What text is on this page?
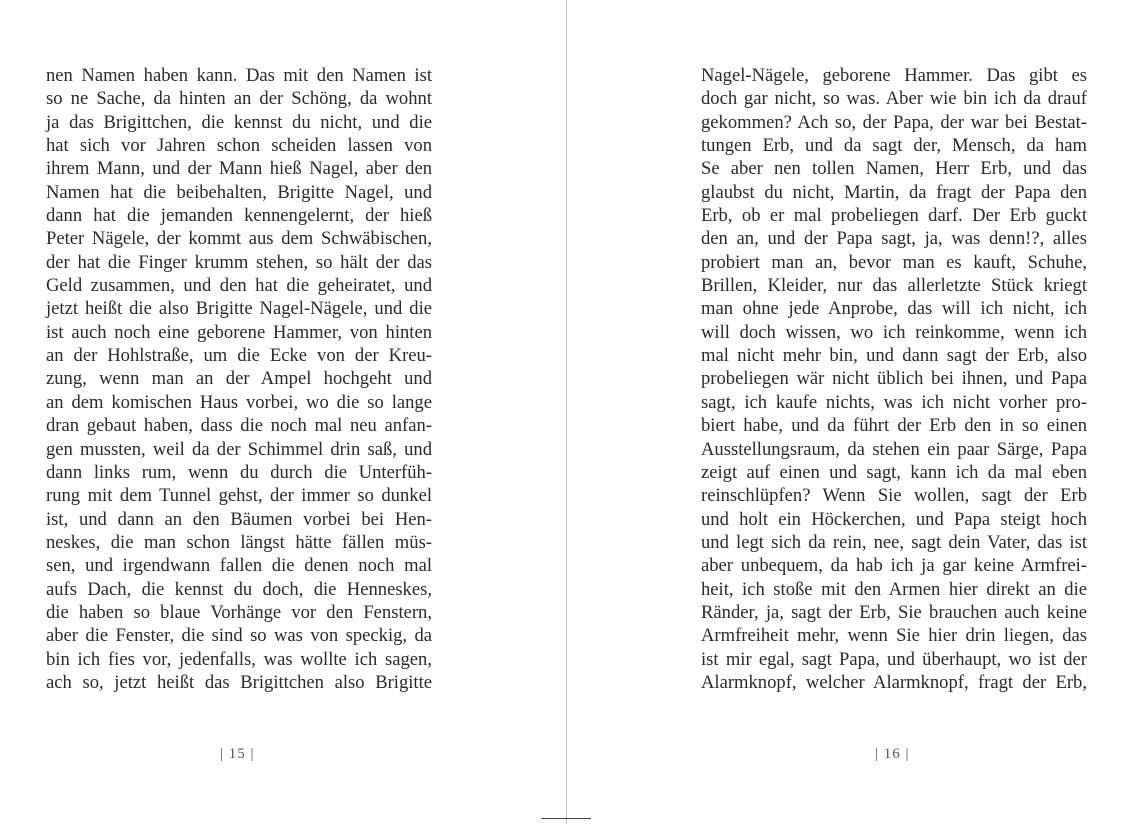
nen Namen haben kann. Das mit den Namen ist
so ne Sache, da hinten an der Schöng, da wohnt
ja das Brigittchen, die kennst du nicht, und die
hat sich vor Jahren schon scheiden lassen von
ihrem Mann, und der Mann hieß Nagel, aber den
Namen hat die beibehalten, Brigitte Nagel, und
dann hat die jemanden kennengelernt, der hieß
Peter Nägele, der kommt aus dem Schwäbischen,
der hat die Finger krumm stehen, so hält der das
Geld zusammen, und den hat die geheiratet, und
jetzt heißt die also Brigitte Nagel-Nägele, und die
ist auch noch eine geborene Hammer, von hinten
an der Hohlstraße, um die Ecke von der Kreu-
zung, wenn man an der Ampel hochgeht und
an dem komischen Haus vorbei, wo die so lange
dran gebaut haben, dass die noch mal neu anfan-
gen mussten, weil da der Schimmel drin saß, und
dann links rum, wenn du durch die Unterfüh-
rung mit dem Tunnel gehst, der immer so dunkel
ist, und dann an den Bäumen vorbei bei Hen-
neskes, die man schon längst hätte fällen müs-
sen, und irgendwann fallen die denen noch mal
aufs Dach, die kennst du doch, die Henneskes,
die haben so blaue Vorhänge vor den Fenstern,
aber die Fenster, die sind so was von speckig, da
bin ich fies vor, jedenfalls, was wollte ich sagen,
ach so, jetzt heißt das Brigittchen also Brigitte
| 15 |
Nagel-Nägele, geborene Hammer. Das gibt es
doch gar nicht, so was. Aber wie bin ich da drauf
gekommen? Ach so, der Papa, der war bei Bestat-
tungen Erb, und da sagt der, Mensch, da ham
Se aber nen tollen Namen, Herr Erb, und das
glaubst du nicht, Martin, da fragt der Papa den
Erb, ob er mal probeliegen darf. Der Erb guckt
den an, und der Papa sagt, ja, was denn!?, alles
probiert man an, bevor man es kauft, Schuhe,
Brillen, Kleider, nur das allerletzte Stück kriegt
man ohne jede Anprobe, das will ich nicht, ich
will doch wissen, wo ich reinkomme, wenn ich
mal nicht mehr bin, und dann sagt der Erb, also
probeliegen wär nicht üblich bei ihnen, und Papa
sagt, ich kaufe nichts, was ich nicht vorher pro-
biert habe, und da führt der Erb den in so einen
Ausstellungsraum, da stehen ein paar Särge, Papa
zeigt auf einen und sagt, kann ich da mal eben
reinschlüpfen? Wenn Sie wollen, sagt der Erb
und holt ein Höckerchen, und Papa steigt hoch
und legt sich da rein, nee, sagt dein Vater, das ist
aber unbequem, da hab ich ja gar keine Armfrei-
heit, ich stoße mit den Armen hier direkt an die
Ränder, ja, sagt der Erb, Sie brauchen auch keine
Armfreiheit mehr, wenn Sie hier drin liegen, das
ist mir egal, sagt Papa, und überhaupt, wo ist der
Alarmknopf, welcher Alarmknopf, fragt der Erb,
| 16 |
